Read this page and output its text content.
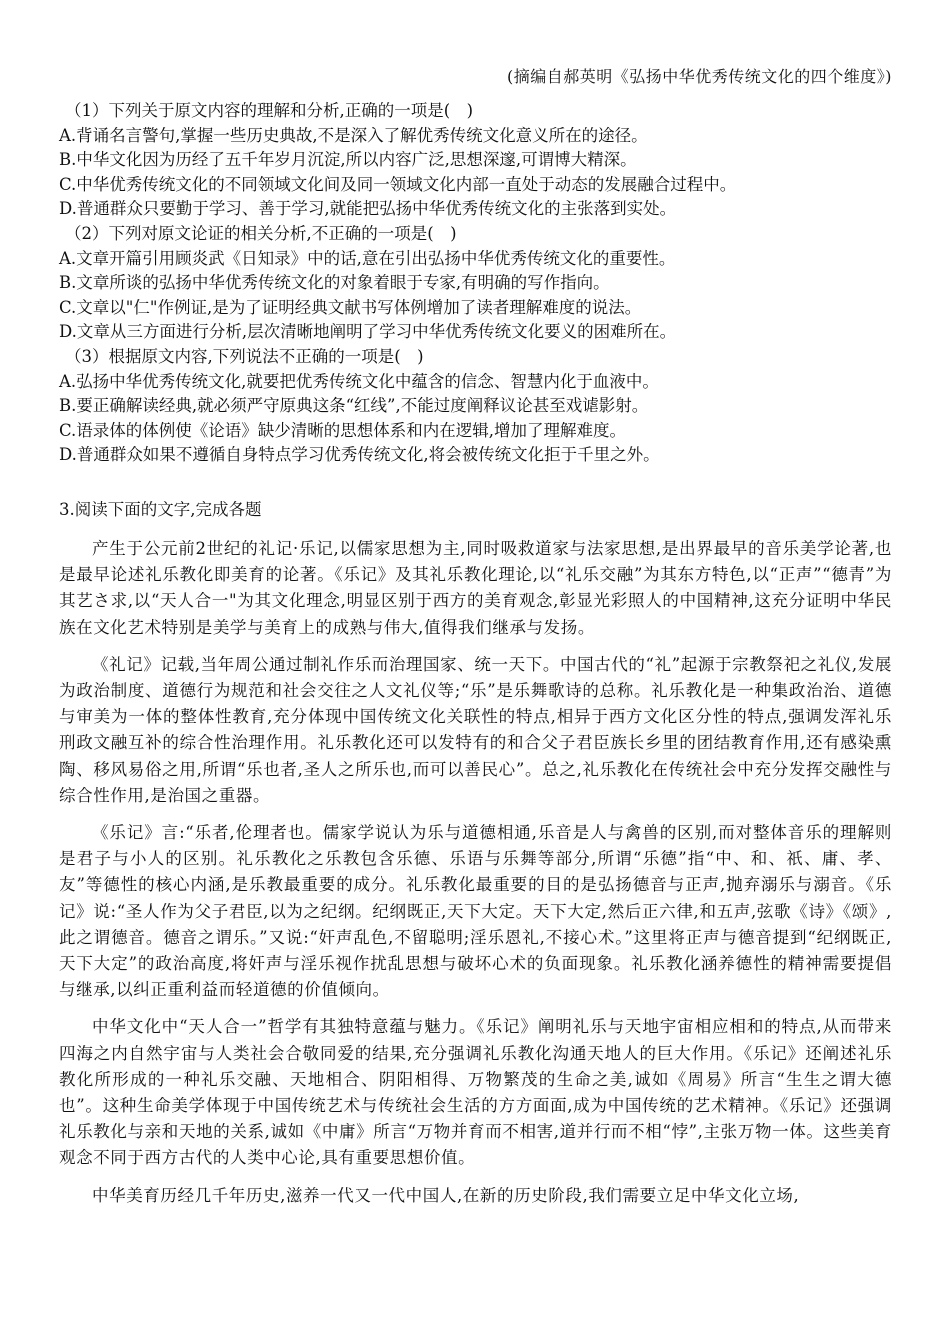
(摘编自郝英明《弘扬中华优秀传统文化的四个维度》)
（1）下列关于原文内容的理解和分析,正确的一项是(　)
A.背诵名言警句,掌握一些历史典故,不是深入了解优秀传统文化意义所在的途径。
B.中华文化因为历经了五千年岁月沉淀,所以内容广泛,思想深邃,可谓博大精深。
C.中华优秀传统文化的不同领域文化间及同一领域文化内部一直处于动态的发展融合过程中。
D.普通群众只要勤于学习、善于学习,就能把弘扬中华优秀传统文化的主张落到实处。
（2）下列对原文论证的相关分析,不正确的一项是(　)
A.文章开篇引用顾炎武《日知录》中的话,意在引出弘扬中华优秀传统文化的重要性。
B.文章所谈的弘扬中华优秀传统文化的对象着眼于专家,有明确的写作指向。
C.文章以"仁"作例证,是为了证明经典文献书写体例增加了读者理解难度的说法。
D.文章从三方面进行分析,层次清晰地阐明了学习中华优秀传统文化要义的困难所在。
（3）根据原文内容,下列说法不正确的一项是(　)
A.弘扬中华优秀传统文化,就要把优秀传统文化中蕴含的信念、智慧内化于血液中。
B.要正确解读经典,就必须严守原典这条“红线”,不能过度阐释议论甚至戏谑影射。
C.语录体的体例使《论语》缺少清晰的思想体系和内在逻辑,增加了理解难度。
D.普通群众如果不遵循自身特点学习优秀传统文化,将会被传统文化拒于千里之外。
3.阅读下面的文字,完成各题

产生于公元前2世纪的礼记·乐记,以儒家思想为主,同时吸救道家与法家思想,是出界最早的音乐美学论著,也是最早论述礼乐教化即美育的论著。《乐记》及其礼乐教化理论,以“礼乐交融”为其东方特色,以“正声”“德青”为其艺さ求,以“天人合一"为其文化理念,明显区别于西方的美育观念,彰显光彩照人的中国精神,这充分证明中华民族在文化艺术特别是美学与美育上的成熟与伟大,值得我们继承与发扬。

《礼记》记载,当年周公通过制礼作乐而治理国家、统一天下。中国古代的“礼”起源于宗教祭祀之礼仪,发展为政治制度、道德行为规范和社会交往之人文礼仪等;“乐”是乐舞歌诗的总称。礼乐教化是一种集政治治、道德与审美为一体的整体性教育,充分体现中国传统文化关联性的特点,相异于西方文化区分性的特点,强调发浑礼乐刑政文融互补的综合性治理作用。礼乐教化还可以发特有的和合父子君臣族长乡里的团结教育作用,还有感染熏陶、移风易俗之用,所谓“乐也者,圣人之所乐也,而可以善民心”。总之,礼乐教化在传统社会中充分发挥交融性与综合性作用,是治国之重器。

《乐记》言:“乐者,伦理者也。儒家学说认为乐与道德相通,乐音是人与禽兽的区别,而对整体音乐的理解则是君子与小人的区别。礼乐教化之乐教包含乐德、乐语与乐舞等部分,所谓“乐德”指“中、和、祇、庸、孝、友”等德性的核心内涵,是乐教最重要的成分。礼乐教化最重要的目的是弘扬德音与正声,抛弃溺乐与溺音。《乐记》说:“圣人作为父子君臣,以为之纪纲。纪纲既正,天下大定。天下大定,然后正六律,和五声,弦歌《诗》《颂》,此之谓德音。德音之谓乐。”又说:“奸声乱色,不留聪明;淫乐恩礼,不接心术。”这里将正声与德音提到“纪纲既正,天下大定”的政治高度,将奸声与淫乐视作扰乱思想与破坏心术的负面现象。礼乐教化涵养德性的精神需要提倡与继承,以纠正重利益而轻道德的价值倾向。

中华文化中“天人合一”哲学有其独特意蕴与魅力。《乐记》阐明礼乐与天地宇宙相应相和的特点,从而带来四海之内自然宇宙与人类社会合敬同爱的结果,充分强调礼乐教化沟通天地人的巨大作用。《乐记》还阐述礼乐教化所形成的一种礼乐交融、天地相合、阴阳相得、万物繁茂的生命之美,诚如《周易》所言“生生之谓大德也”。这种生命美学体现于中国传统艺术与传统社会生活的方方面面,成为中国传统的艺术精神。《乐记》还强调礼乐教化与亲和天地的关系,诚如《中庸》所言“万物并育而不相害,道并行而不相“悖”,主张万物一体。这些美育观念不同于西方古代的人类中心论,具有重要思想价值。

中华美育历经几千年历史,滋养一代又一代中国人,在新的历史阶段,我们需要立足中华文化立场,
